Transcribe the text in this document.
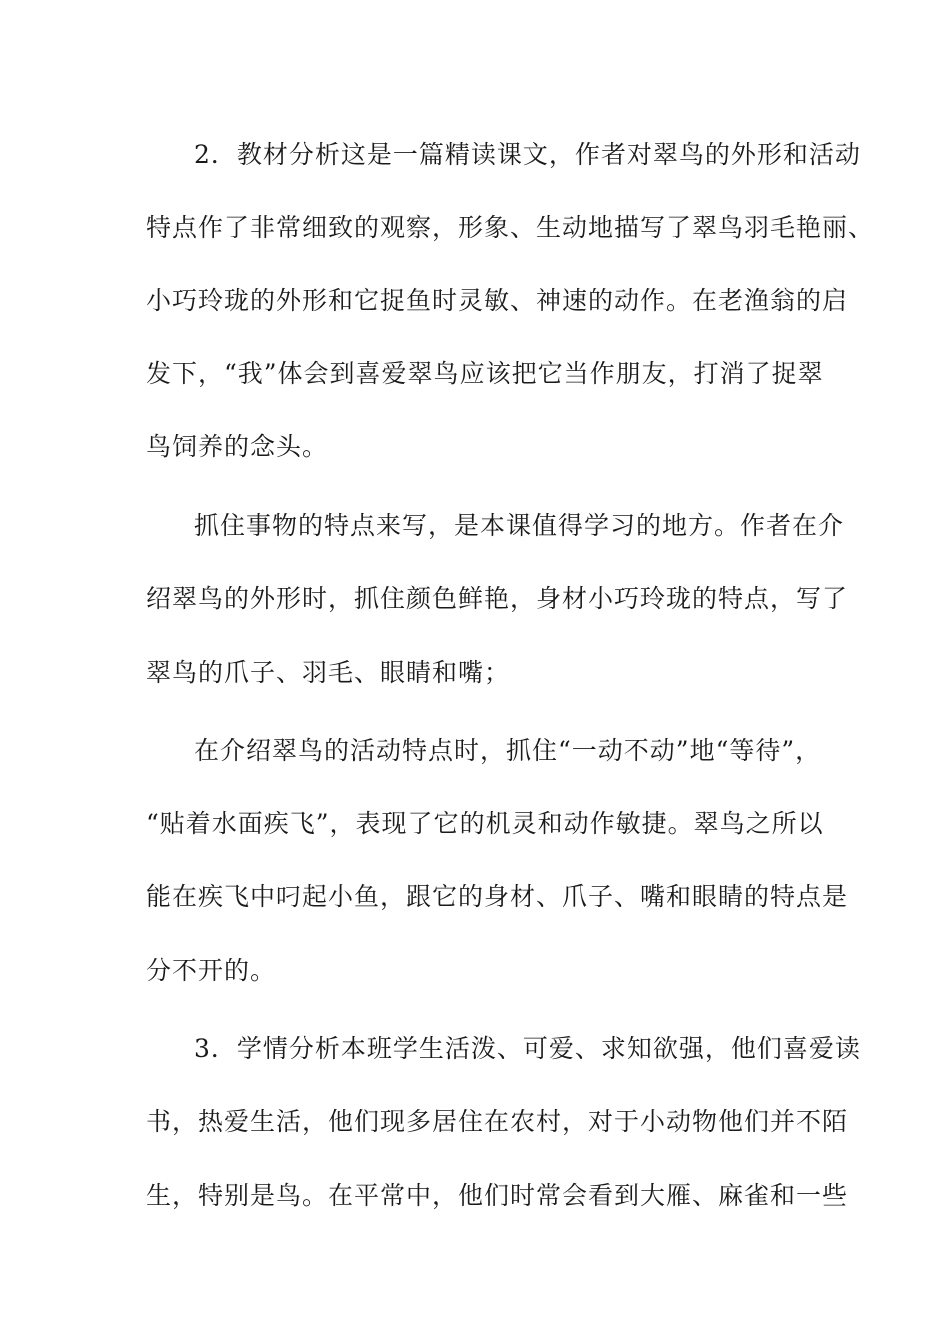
2．教材分析这是一篇精读课文，作者对翠鸟的外形和活动

特点作了非常细致的观察，形象、生动地描写了翠鸟羽毛艳丽、

小巧玲珑的外形和它捉鱼时灵敏、神速的动作。在老渔翁的启

发下，“我”体会到喜爱翠鸟应该把它当作朋友，打消了捉翠

鸟饲养的念头。

抓住事物的特点来写，是本课值得学习的地方。作者在介

绍翠鸟的外形时，抓住颜色鲜艳，身材小巧玲珑的特点，写了

翠鸟的爪子、羽毛、眼睛和嘴；

在介绍翠鸟的活动特点时，抓住“一动不动”地“等待”，

“贴着水面疾飞”，表现了它的机灵和动作敏捷。翠鸟之所以

能在疾飞中叼起小鱼，跟它的身材、爪子、嘴和眼睛的特点是

分不开的。

3．学情分析本班学生活泼、可爱、求知欲强，他们喜爱读

书，热爱生活，他们现多居住在农村，对于小动物他们并不陌

生，特别是鸟。在平常中，他们时常会看到大雁、麻雀和一些
